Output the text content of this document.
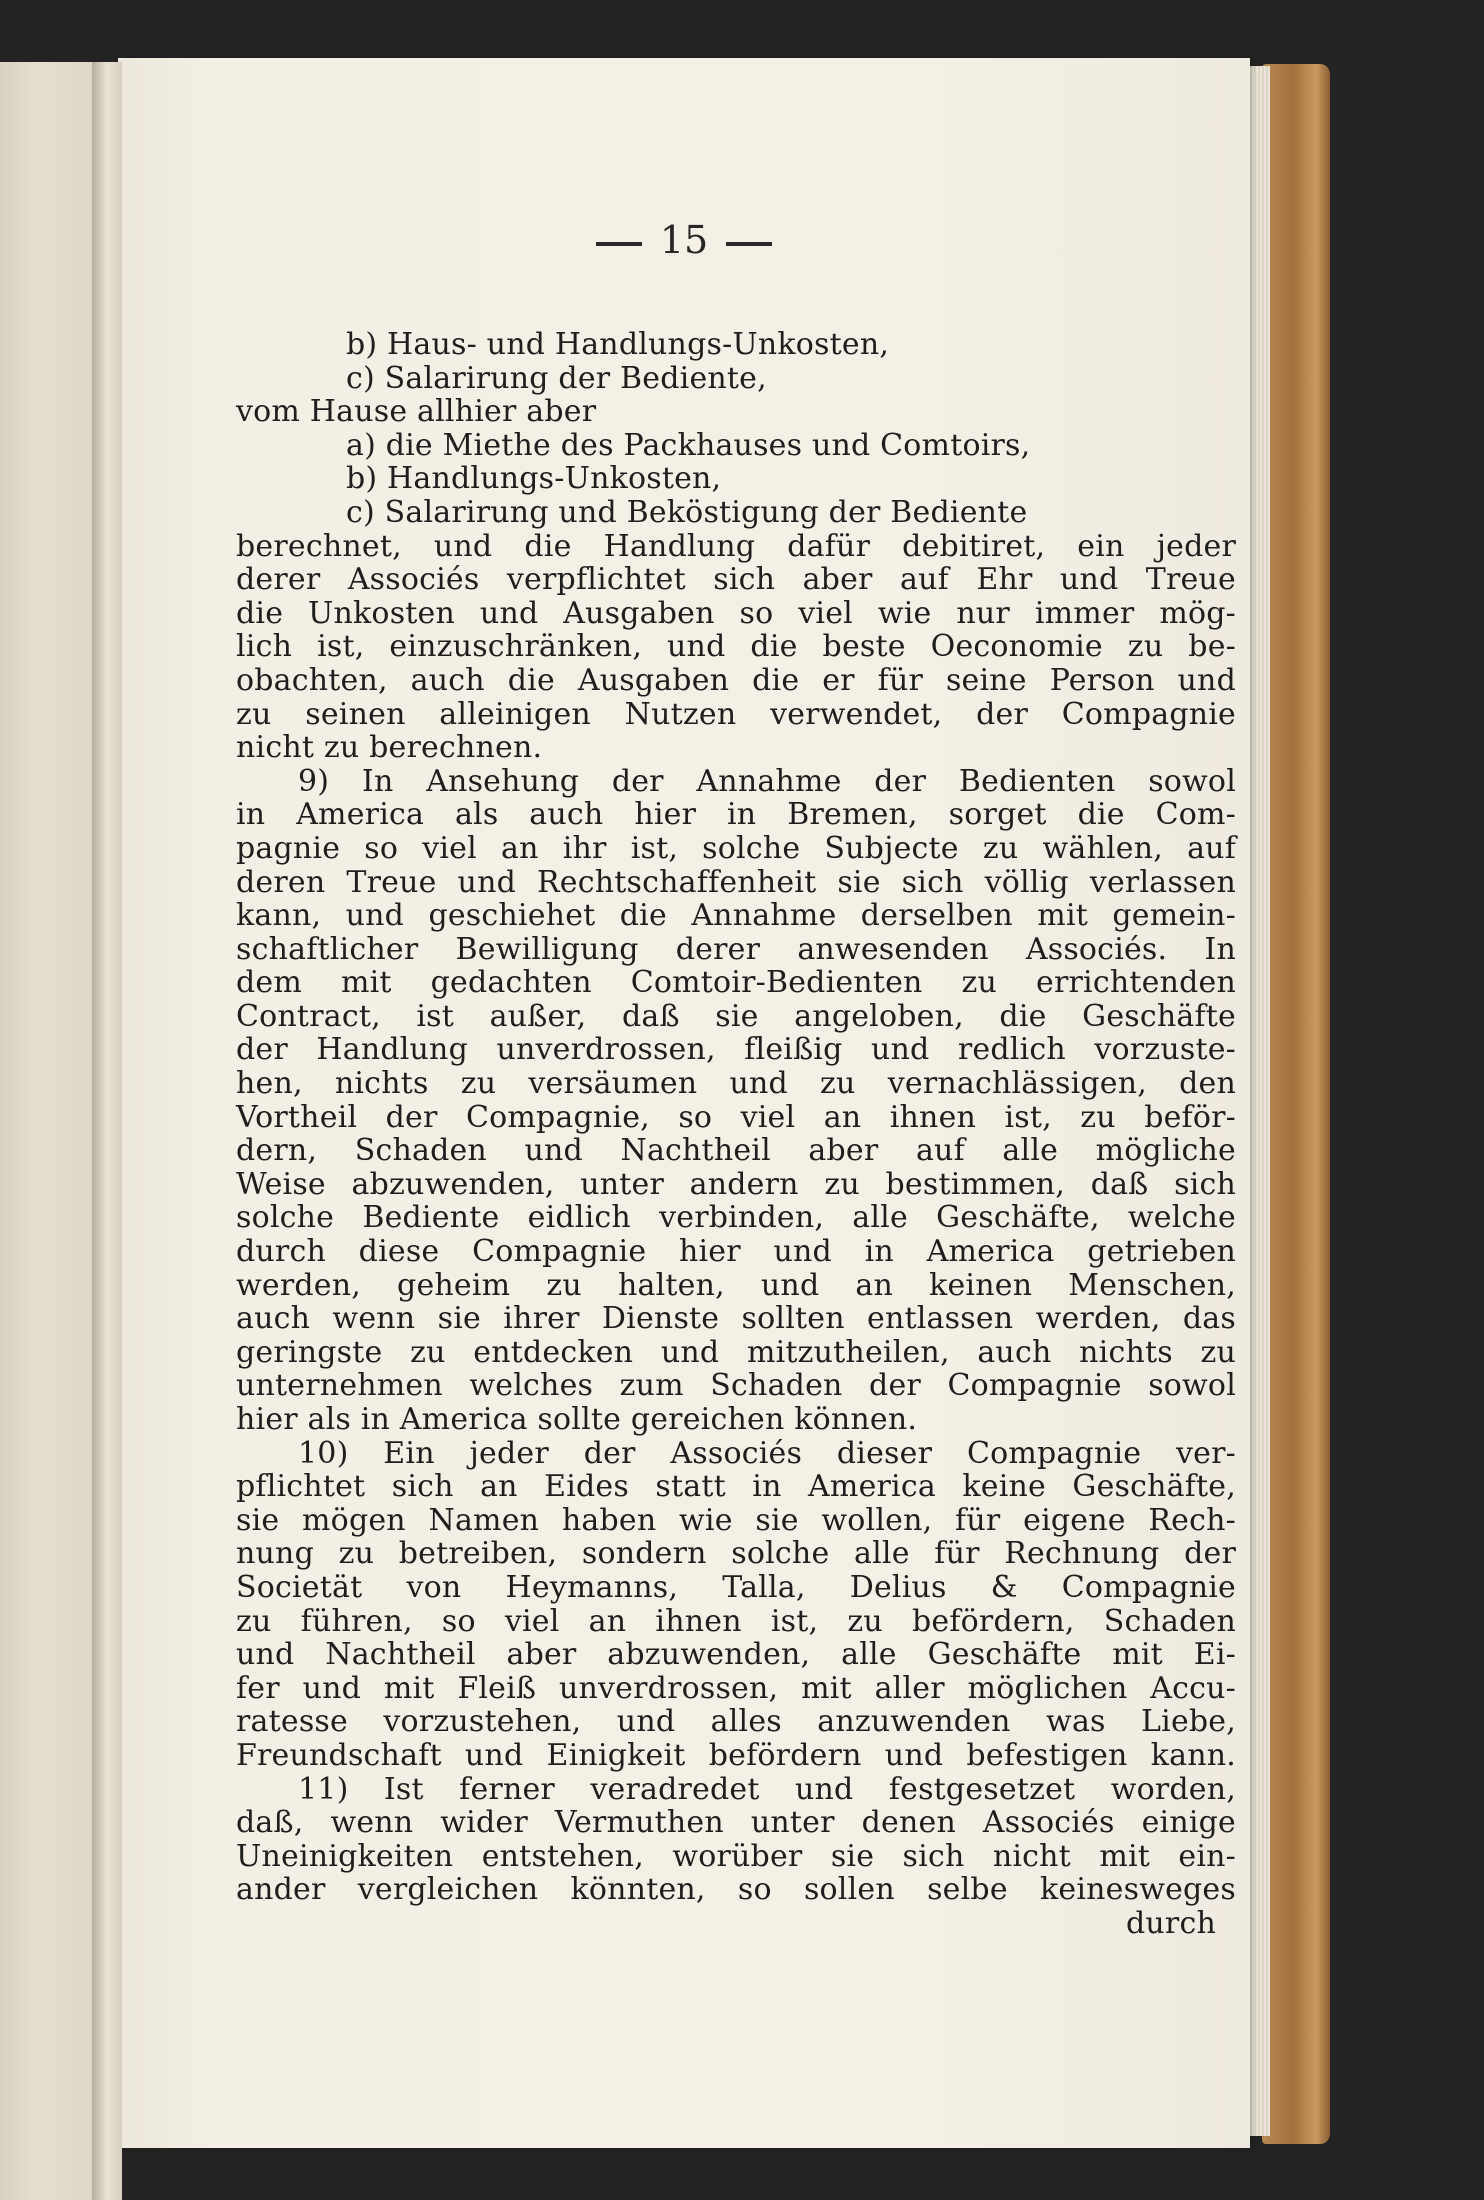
15
b) Haus- und Handlungs-Unkosten,
c) Salarirung der Bediente,
vom Hause allhier aber
a) die Miethe des Packhauses und Comtoirs,
b) Handlungs-Unkosten,
c) Salarirung und Beköstigung der Bediente
berechnet, und die Handlung dafür debitiret, ein jeder
derer Associés verpflichtet sich aber auf Ehr und Treue
die Unkosten und Ausgaben so viel wie nur immer mög-
lich ist, einzuschränken, und die beste Oeconomie zu be-
obachten, auch die Ausgaben die er für seine Person und
zu seinen alleinigen Nutzen verwendet, der Compagnie
nicht zu berechnen.
9) In Ansehung der Annahme der Bedienten sowol
in America als auch hier in Bremen, sorget die Com-
pagnie so viel an ihr ist, solche Subjecte zu wählen, auf
deren Treue und Rechtschaffenheit sie sich völlig verlassen
kann, und geschiehet die Annahme derselben mit gemein-
schaftlicher Bewilligung derer anwesenden Associés. In
dem mit gedachten Comtoir-Bedienten zu errichtenden
Contract, ist außer, daß sie angeloben, die Geschäfte
der Handlung unverdrossen, fleißig und redlich vorzuste-
hen, nichts zu versäumen und zu vernachlässigen, den
Vortheil der Compagnie, so viel an ihnen ist, zu beför-
dern, Schaden und Nachtheil aber auf alle mögliche
Weise abzuwenden, unter andern zu bestimmen, daß sich
solche Bediente eidlich verbinden, alle Geschäfte, welche
durch diese Compagnie hier und in America getrieben
werden, geheim zu halten, und an keinen Menschen,
auch wenn sie ihrer Dienste sollten entlassen werden, das
geringste zu entdecken und mitzutheilen, auch nichts zu
unternehmen welches zum Schaden der Compagnie sowol
hier als in America sollte gereichen können.
10) Ein jeder der Associés dieser Compagnie ver-
pflichtet sich an Eides statt in America keine Geschäfte,
sie mögen Namen haben wie sie wollen, für eigene Rech-
nung zu betreiben, sondern solche alle für Rechnung der
Societät von Heymanns, Talla, Delius & Compagnie
zu führen, so viel an ihnen ist, zu befördern, Schaden
und Nachtheil aber abzuwenden, alle Geschäfte mit Ei-
fer und mit Fleiß unverdrossen, mit aller möglichen Accu-
ratesse vorzustehen, und alles anzuwenden was Liebe,
Freundschaft und Einigkeit befördern und befestigen kann.
11) Ist ferner veradredet und festgesetzet worden,
daß, wenn wider Vermuthen unter denen Associés einige
Uneinigkeiten entstehen, worüber sie sich nicht mit ein-
ander vergleichen könnten, so sollen selbe keinesweges
durch
